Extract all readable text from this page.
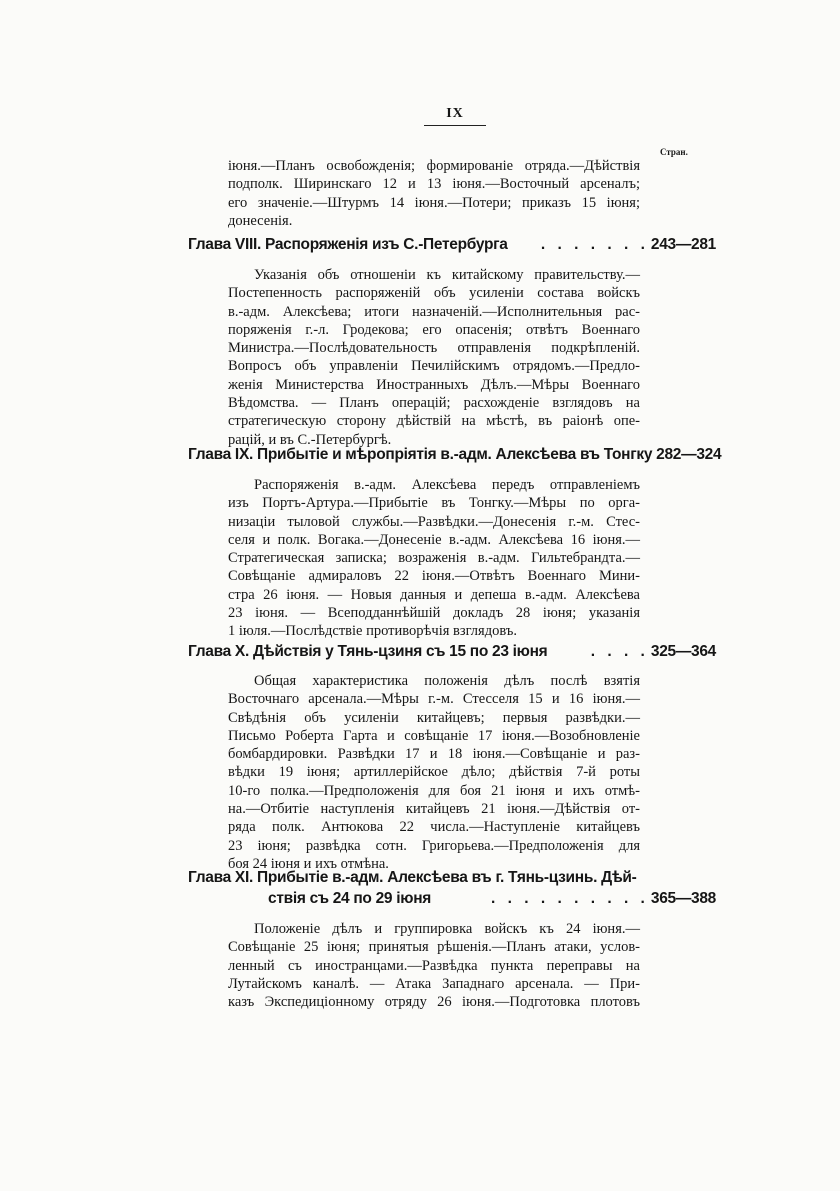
IX
Стран.
іюня.—Планъ освобожденія; формированіе отряда.—Дѣйствія
подполк. Ширинскаго 12 и 13 іюня.—Восточный арсеналъ;
его значеніе.—Штурмъ 14 іюня.—Потери; приказъ 15 іюня;
донесенія.
Глава VIII. Распоряженія изъ С.-Петербурга	. . . . . . . 243—281
Указанія объ отношеніи къ китайскому правительству.—
Постепенность распоряженій объ усиленіи состава войскъ
в.-адм. Алексѣева; итоги назначеній.—Исполнительныя рас-
поряженія г.-л. Гродекова; его опасенія; отвѣтъ Военнаго
Министра.—Послѣдовательность отправленія подкрѣпленій.
Вопросъ объ управленіи Печилійскимъ отрядомъ.—Предло-
женія Министерства Иностранныхъ Дѣлъ.—Мѣры Военнаго
Вѣдомства. — Планъ операцій; расхожденіе взглядовъ на
стратегическую сторону дѣйствій на мѣстѣ, въ раіонѣ опе-
рацій, и въ С.-Петербургѣ.
Глава IX. Прибытіе и мѣропріятія в.-адм. Алексѣева въ Тонгку 282—324
Распоряженія в.-адм. Алексѣева передъ отправленіемъ
изъ Портъ-Артура.—Прибытіе въ Тонгку.—Мѣры по орга-
низаціи тыловой службы.—Развѣдки.—Донесенія г.-м. Стес-
селя и полк. Вогака.—Донесеніе в.-адм. Алексѣева 16 іюня.—
Стратегическая записка; возраженія в.-адм. Гильтебрандта.—
Совѣщаніе адмираловъ 22 іюня.—Отвѣтъ Военнаго Мини-
стра 26 іюня. — Новыя данныя и депеша в.-адм. Алексѣева
23 іюня. — Всеподданнѣйшій докладъ 28 іюня; указанія
1 іюля.—Послѣдствіе противорѣчія взглядовъ.
Глава X. Дѣйствія у Тянь-цзиня съ 15 по 23 іюня	. . . . 325—364
Общая характеристика положенія дѣлъ послѣ взятія
Восточнаго арсенала.—Мѣры г.-м. Стесселя 15 и 16 іюня.—
Свѣдѣнія объ усиленіи китайцевъ; первыя развѣдки.—
Письмо Роберта Гарта и совѣщаніе 17 іюня.—Возобновленіе
бомбардировки. Развѣдки 17 и 18 іюня.—Совѣщаніе и раз-
вѣдки 19 іюня; артиллерійское дѣло; дѣйствія 7-й роты
10-го полка.—Предположенія для боя 21 іюня и ихъ отмѣ-
на.—Отбитіе наступленія китайцевъ 21 іюня.—Дѣйствія от-
ряда полк. Антюкова 22 числа.—Наступленіе китайцевъ
23 іюня; развѣдка сотн. Григорьева.—Предположенія для
боя 24 іюня и ихъ отмѣна.
Глава XI. Прибытіе в.-адм. Алексѣева въ г. Тянь-цзинь. Дѣй-
ствія съ 24 по 29 іюня	. . . . . . . . . . 365—388
Положеніе дѣлъ и группировка войскъ къ 24 іюня.—
Совѣщаніе 25 іюня; принятыя рѣшенія.—Планъ атаки, услов-
ленный съ иностранцами.—Развѣдка пункта переправы на
Лутайскомъ каналѣ. — Атака Западнаго арсенала. — При-
казъ Экспедиціонному отряду 26 іюня.—Подготовка плотовъ
